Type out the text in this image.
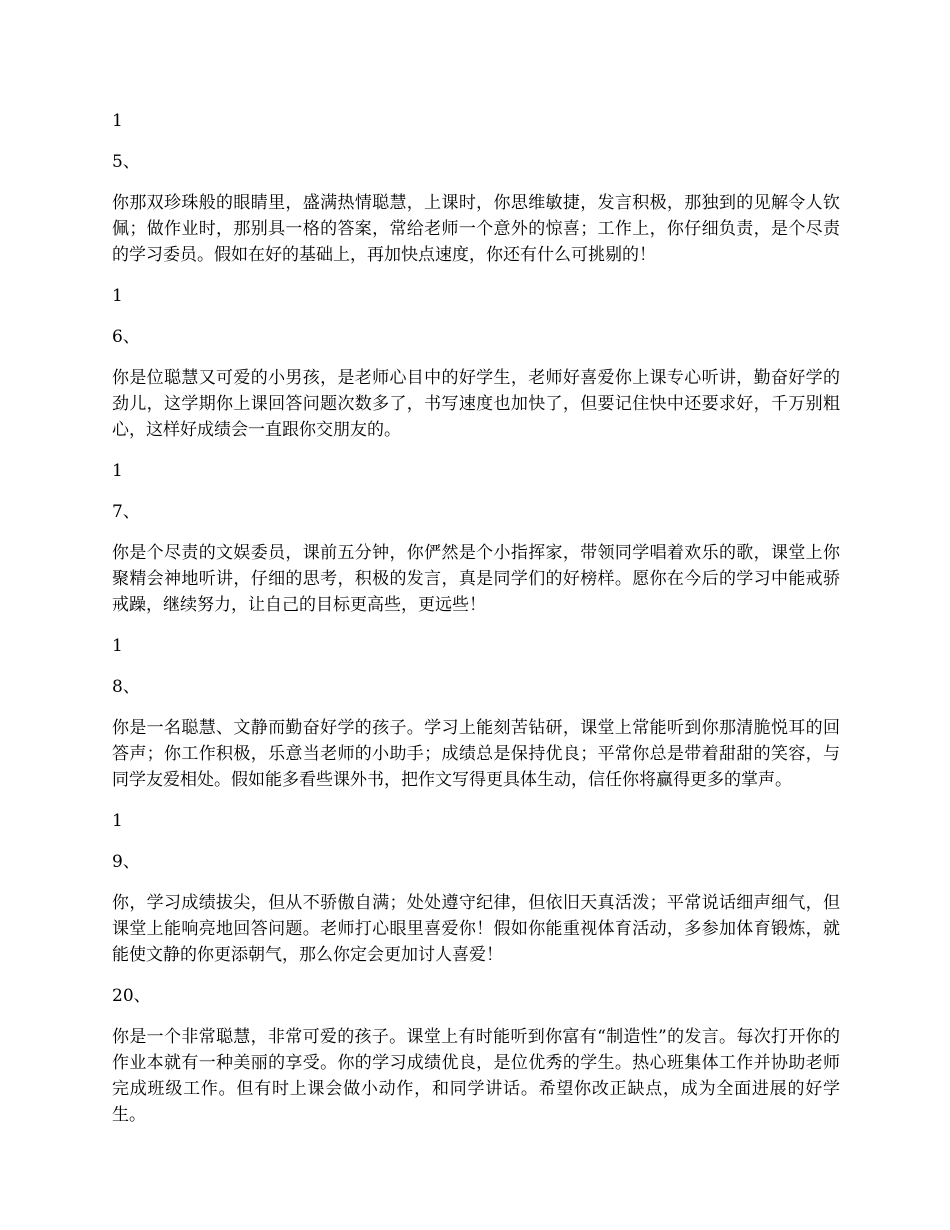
1

5、

你那双珍珠般的眼睛里，盛满热情聪慧，上课时，你思维敏捷，发言积极，那独到的见解令人钦佩；做作业时，那别具一格的答案，常给老师一个意外的惊喜；工作上，你仔细负责，是个尽责的学习委员。假如在好的基础上，再加快点速度，你还有什么可挑剔的！

1

6、

你是位聪慧又可爱的小男孩，是老师心目中的好学生，老师好喜爱你上课专心听讲，勤奋好学的劲儿，这学期你上课回答问题次数多了，书写速度也加快了，但要记住快中还要求好，千万别粗心，这样好成绩会一直跟你交朋友的。

1

7、

你是个尽责的文娱委员，课前五分钟，你俨然是个小指挥家，带领同学唱着欢乐的歌，课堂上你聚精会神地听讲，仔细的思考，积极的发言，真是同学们的好榜样。愿你在今后的学习中能戒骄戒躁，继续努力，让自己的目标更高些，更远些！

1

8、

你是一名聪慧、文静而勤奋好学的孩子。学习上能刻苦钻研，课堂上常能听到你那清脆悦耳的回答声；你工作积极，乐意当老师的小助手；成绩总是保持优良；平常你总是带着甜甜的笑容，与同学友爱相处。假如能多看些课外书，把作文写得更具体生动，信任你将赢得更多的掌声。

1

9、

你，学习成绩拔尖，但从不骄傲自满；处处遵守纪律，但依旧天真活泼；平常说话细声细气，但课堂上能响亮地回答问题。老师打心眼里喜爱你！假如你能重视体育活动，多参加体育锻炼，就能使文静的你更添朝气，那么你定会更加讨人喜爱！

20、

你是一个非常聪慧，非常可爱的孩子。课堂上有时能听到你富有“制造性”的发言。每次打开你的作业本就有一种美丽的享受。你的学习成绩优良，是位优秀的学生。热心班集体工作并协助老师完成班级工作。但有时上课会做小动作，和同学讲话。希望你改正缺点，成为全面进展的好学生。
